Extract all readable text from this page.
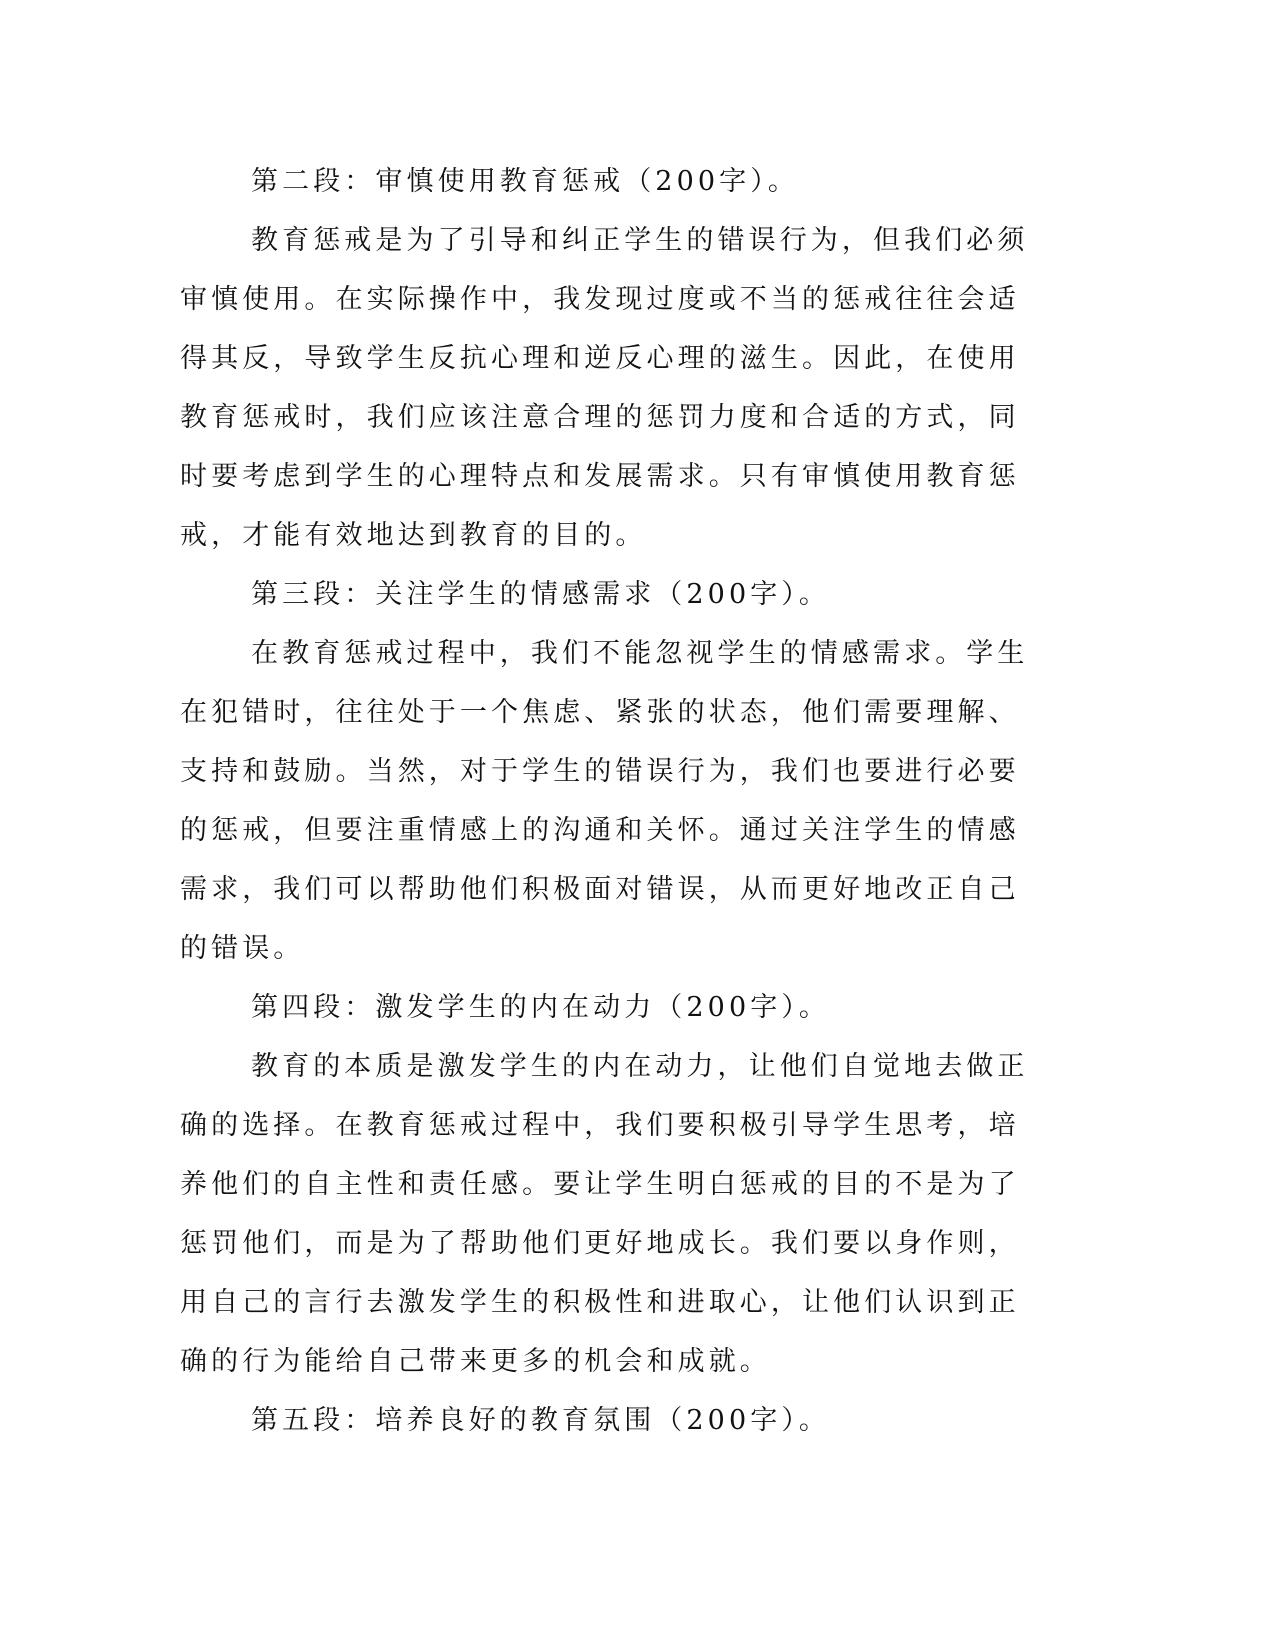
第二段：审慎使用教育惩戒（200字）。

教育惩戒是为了引导和纠正学生的错误行为，但我们必须审慎使用。在实际操作中，我发现过度或不当的惩戒往往会适得其反，导致学生反抗心理和逆反心理的滋生。因此，在使用教育惩戒时，我们应该注意合理的惩罚力度和合适的方式，同时要考虑到学生的心理特点和发展需求。只有审慎使用教育惩戒，才能有效地达到教育的目的。

第三段：关注学生的情感需求（200字）。

在教育惩戒过程中，我们不能忽视学生的情感需求。学生在犯错时，往往处于一个焦虑、紧张的状态，他们需要理解、支持和鼓励。当然，对于学生的错误行为，我们也要进行必要的惩戒，但要注重情感上的沟通和关怀。通过关注学生的情感需求，我们可以帮助他们积极面对错误，从而更好地改正自己的错误。

第四段：激发学生的内在动力（200字）。

教育的本质是激发学生的内在动力，让他们自觉地去做正确的选择。在教育惩戒过程中，我们要积极引导学生思考，培养他们的自主性和责任感。要让学生明白惩戒的目的不是为了惩罚他们，而是为了帮助他们更好地成长。我们要以身作则，用自己的言行去激发学生的积极性和进取心，让他们认识到正确的行为能给自己带来更多的机会和成就。

第五段：培养良好的教育氛围（200字）。
